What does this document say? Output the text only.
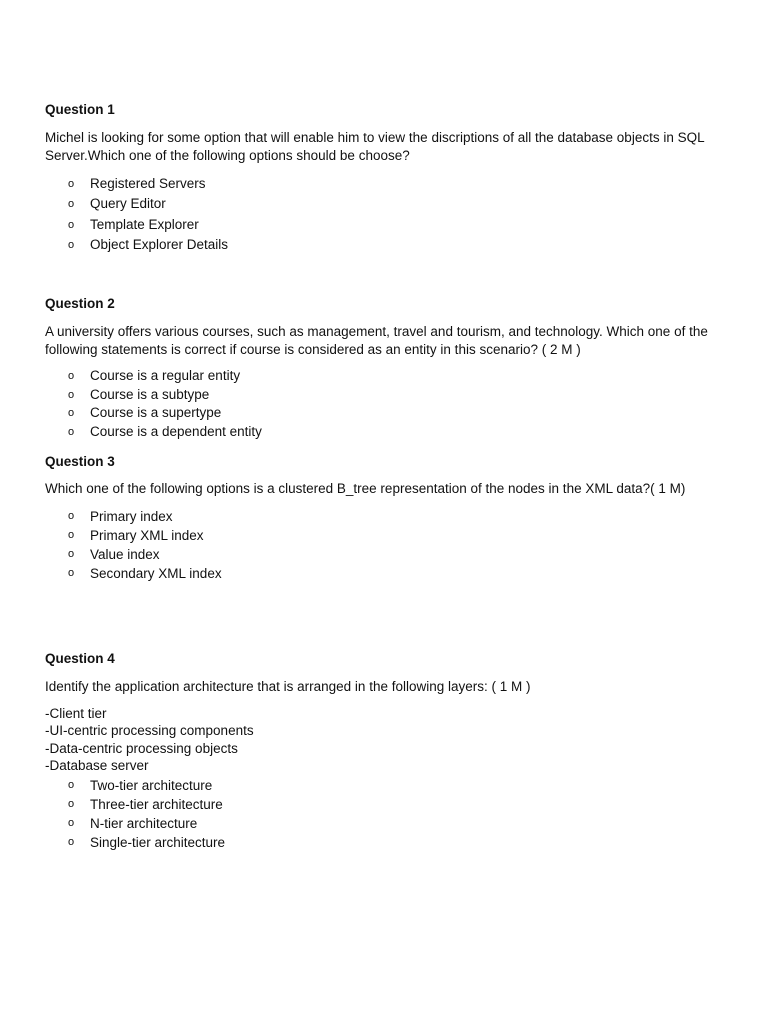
Question 1

Michel is looking for some option that will enable him to view the discriptions of all the database objects in SQL Server.Which one of the following options should be choose?

o Registered Servers
o Query Editor
o Template Explorer
o Object Explorer Details

Question 2

A university offers various courses, such as management, travel and tourism, and technology. Which one of the following statements is correct if course is considered as an entity in this scenario? ( 2 M )

o Course is a regular entity
o Course is a subtype
o Course is a supertype
o Course is a dependent entity

Question 3

Which one of the following options is a clustered B_tree representation of the nodes in the XML data?( 1 M)

o Primary index
o Primary XML index
o Value index
o Secondary XML index

Question 4

Identify the application architecture that is arranged in the following layers: ( 1 M )

-Client tier
-UI-centric processing components
-Data-centric processing objects
-Database server
o Two-tier architecture
o Three-tier architecture
o N-tier architecture
o Single-tier architecture
